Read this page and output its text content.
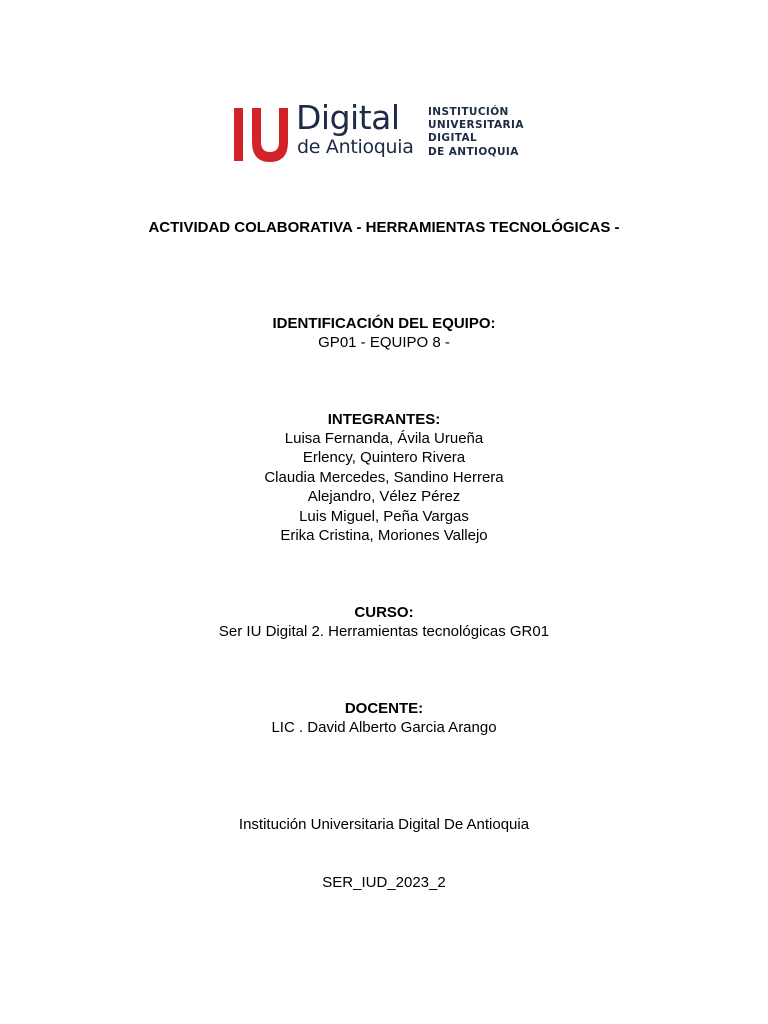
Digital
de Antioquia
INSTITUCIÓN
UNIVERSITARIA
DIGITAL
DE ANTIOQUIA
ACTIVIDAD COLABORATIVA - HERRAMIENTAS TECNOLÓGICAS -
IDENTIFICACIÓN DEL EQUIPO:
GP01 - EQUIPO 8 -
INTEGRANTES:
Luisa Fernanda, Ávila Urueña
Erlency, Quintero Rivera
Claudia Mercedes, Sandino Herrera
Alejandro, Vélez Pérez
Luis Miguel, Peña Vargas
Erika Cristina, Moriones Vallejo
CURSO:
Ser IU Digital 2. Herramientas tecnológicas GR01
DOCENTE:
LIC . David Alberto Garcia Arango
Institución Universitaria Digital De Antioquia
SER_IUD_2023_2
